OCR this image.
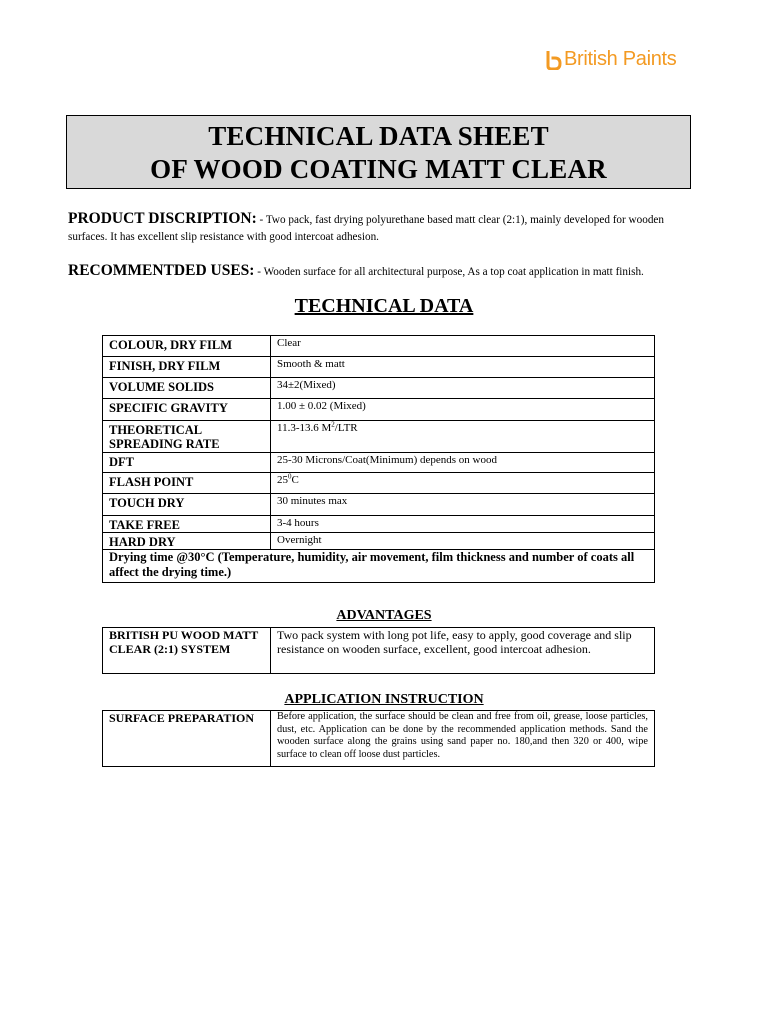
British Paints
TECHNICAL DATA SHEET
OF WOOD COATING MATT CLEAR
PRODUCT DISCRIPTION: - Two pack, fast drying polyurethane based matt clear (2:1), mainly developed for wooden surfaces. It has excellent slip resistance with good intercoat adhesion.
RECOMMENTDED USES: - Wooden surface for all architectural purpose, As a top coat application in matt finish.
TECHNICAL DATA
COLOUR, DRY FILM	Clear
FINISH, DRY FILM	Smooth & matt
VOLUME SOLIDS	34±2(Mixed)
SPECIFIC GRAVITY	1.00 ± 0.02 (Mixed)
THEORETICAL SPREADING RATE	11.3-13.6 $M^2$/LTR
DFT	25-30 Microns/Coat(Minimum) depends on wood
FLASH POINT	$25^0C$
TOUCH DRY	30 minutes max
TAKE FREE	3-4 hours
HARD DRY	Overnight
Drying time @30°C (Temperature, humidity, air movement, film thickness and number of coats all affect the drying time.)	
ADVANTAGES
BRITISH PU WOOD MATT CLEAR (2:1) SYSTEM	Two pack system with long pot life, easy to apply, good coverage and slip resistance on wooden surface, excellent, good intercoat adhesion.
APPLICATION INSTRUCTION
SURFACE PREPARATION	Before application, the surface should be clean and free from oil, grease, loose particles, dust, etc. Application can be done by the recommended application methods. Sand the wooden surface along the grains using sand paper no. 180,and then 320 or 400, wipe surface to clean off loose dust particles.
